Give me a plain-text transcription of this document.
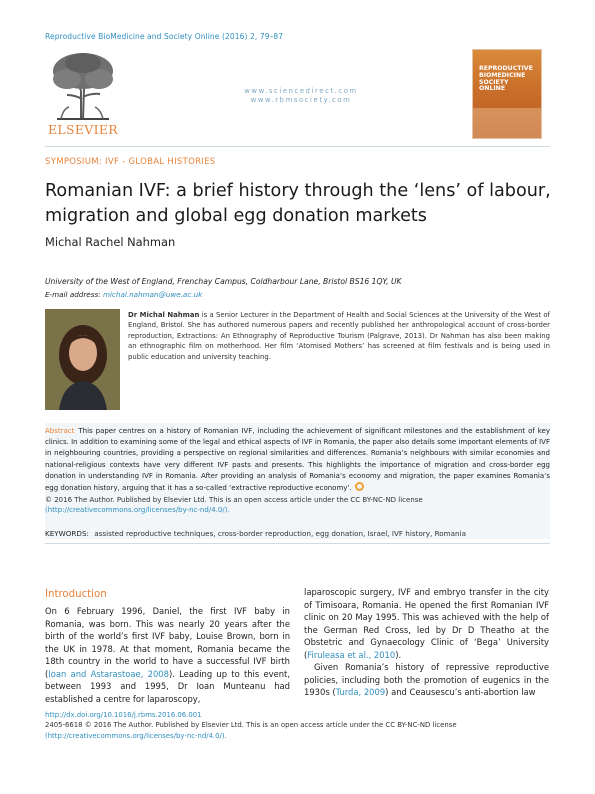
Reproductive BioMedicine and Society Online (2016) 2, 79–87
ELSEVIER
www.sciencedirect.com
www.rbmsociety.com
REPRODUCTIVE
BIOMEDICINE
SOCIETY
ONLINE
SYMPOSIUM: IVF - GLOBAL HISTORIES
Romanian IVF: a brief history through the ‘lens’ of labour, migration and global egg donation markets
Michal Rachel Nahman
University of the West of England, Frenchay Campus, Coldharbour Lane, Bristol BS16 1QY, UK
E-mail address: michal.nahman@uwe.ac.uk
Dr Michal Nahman is a Senior Lecturer in the Department of Health and Social Sciences at the University of the West of England, Bristol. She has authored numerous papers and recently published her anthropological account of cross-border reproduction, Extractions: An Ethnography of Reproductive Tourism (Palgrave, 2013). Dr Nahman has also been making an ethnographic film on motherhood. Her film ‘Atomised Mothers’ has screened at film festivals and is being used in public education and university teaching.
Abstract This paper centres on a history of Romanian IVF, including the achievement of significant milestones and the establishment of key clinics. In addition to examining some of the legal and ethical aspects of IVF in Romania, the paper also details some important elements of IVF in neighbouring countries, providing a perspective on regional similarities and differences. Romania’s neighbours with similar economies and national-religious contexts have very different IVF pasts and presents. This highlights the importance of migration and cross-border egg donation in understanding IVF in Romania. After providing an analysis of Romania’s economy and migration, the paper examines Romania’s egg donation history, arguing that it has a so-called ‘extractive reproductive economy’.
© 2016 The Author. Published by Elsevier Ltd. This is an open access article under the CC BY-NC-ND license
(http://creativecommons.org/licenses/by-nc-nd/4.0/).
KEYWORDS: assisted reproductive techniques, cross-border reproduction, egg donation, Israel, IVF history, Romania
Introduction
On 6 February 1996, Daniel, the first IVF baby in Romania, was born. This was nearly 20 years after the birth of the world’s first IVF baby, Louise Brown, born in the UK in 1978. At that moment, Romania became the 18th country in the world to have a successful IVF birth (Ioan and Astarastoae, 2008). Leading up to this event, between 1993 and 1995, Dr Ioan Munteanu had established a centre for laparoscopy,
laparoscopic surgery, IVF and embryo transfer in the city of Timisoara, Romania. He opened the first Romanian IVF clinic on 20 May 1995. This was achieved with the help of the German Red Cross, led by Dr D Theatho at the Obstetric and Gynaecology Clinic of ‘Bega’ University (Firuleasa et al., 2010).
Given Romania’s history of repressive reproductive policies, including both the promotion of eugenics in the 1930s (Turda, 2009) and Ceausescu’s anti-abortion law
http://dx.doi.org/10.1016/j.rbms.2016.06.001
2405-6618 © 2016 The Author. Published by Elsevier Ltd. This is an open access article under the CC BY-NC-ND license
(http://creativecommons.org/licenses/by-nc-nd/4.0/).
